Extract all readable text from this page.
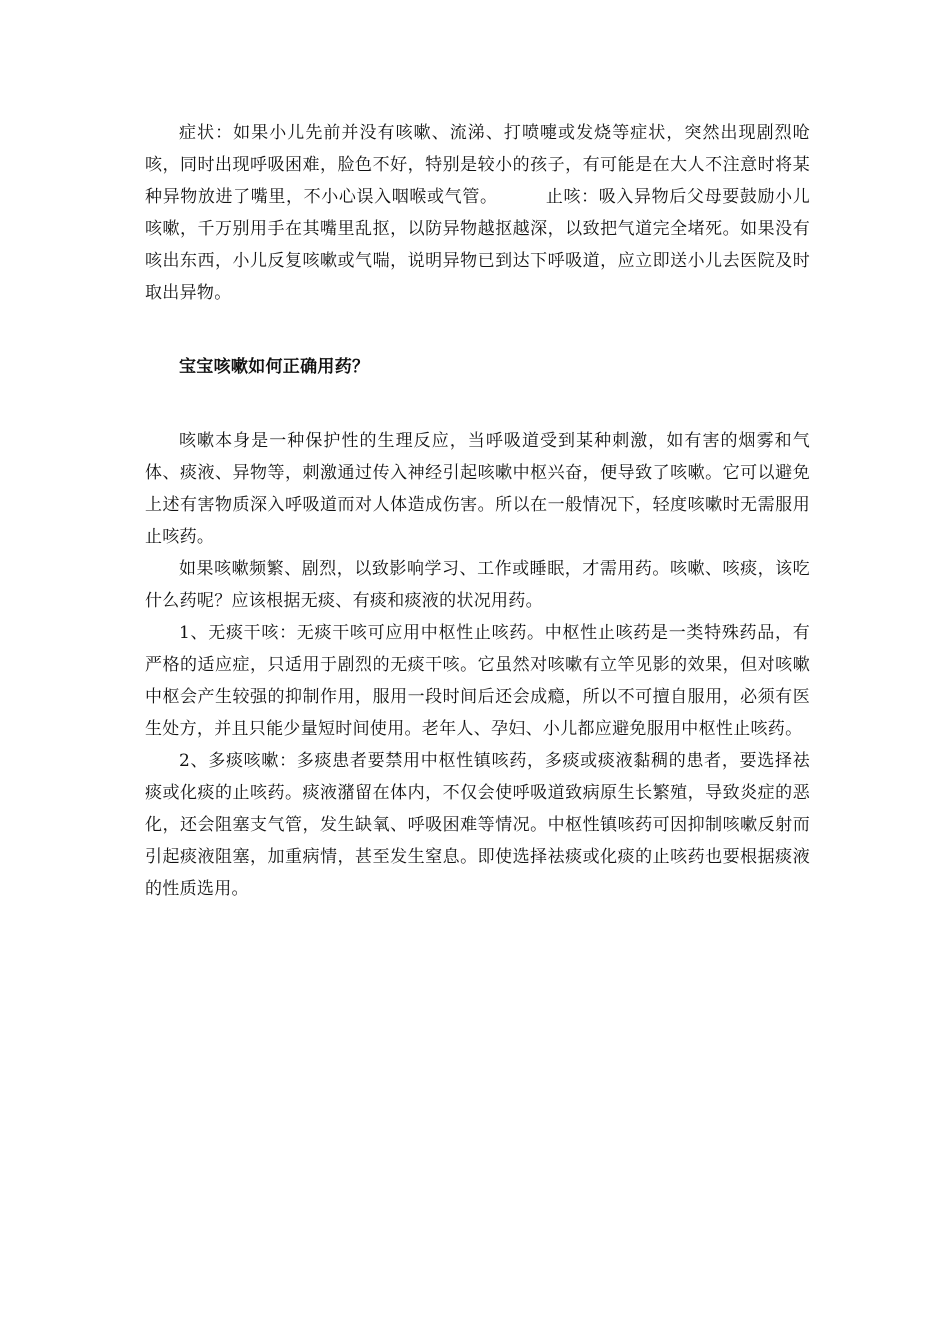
症状：如果小儿先前并没有咳嗽、流涕、打喷嚏或发烧等症状，突然出现剧烈呛咳，同时出现呼吸困难，脸色不好，特别是较小的孩子，有可能是在大人不注意时将某种异物放进了嘴里，不小心误入咽喉或气管。	止咳：吸入异物后父母要鼓励小儿咳嗽，千万别用手在其嘴里乱抠，以防异物越抠越深，以致把气道完全堵死。如果没有咳出东西，小儿反复咳嗽或气喘，说明异物已到达下呼吸道，应立即送小儿去医院及时取出异物。

宝宝咳嗽如何正确用药？

咳嗽本身是一种保护性的生理反应，当呼吸道受到某种刺激，如有害的烟雾和气体、痰液、异物等，刺激通过传入神经引起咳嗽中枢兴奋，便导致了咳嗽。它可以避免上述有害物质深入呼吸道而对人体造成伤害。所以在一般情况下，轻度咳嗽时无需服用止咳药。

如果咳嗽频繁、剧烈，以致影响学习、工作或睡眠，才需用药。咳嗽、咳痰，该吃什么药呢？应该根据无痰、有痰和痰液的状况用药。

1、无痰干咳：无痰干咳可应用中枢性止咳药。中枢性止咳药是一类特殊药品，有严格的适应症，只适用于剧烈的无痰干咳。它虽然对咳嗽有立竿见影的效果，但对咳嗽中枢会产生较强的抑制作用，服用一段时间后还会成瘾，所以不可擅自服用，必须有医生处方，并且只能少量短时间使用。老年人、孕妇、小儿都应避免服用中枢性止咳药。

2、多痰咳嗽：多痰患者要禁用中枢性镇咳药，多痰或痰液黏稠的患者，要选择祛痰或化痰的止咳药。痰液潴留在体内，不仅会使呼吸道致病原生长繁殖，导致炎症的恶化，还会阻塞支气管，发生缺氧、呼吸困难等情况。中枢性镇咳药可因抑制咳嗽反射而引起痰液阻塞，加重病情，甚至发生窒息。即使选择祛痰或化痰的止咳药也要根据痰液的性质选用。
